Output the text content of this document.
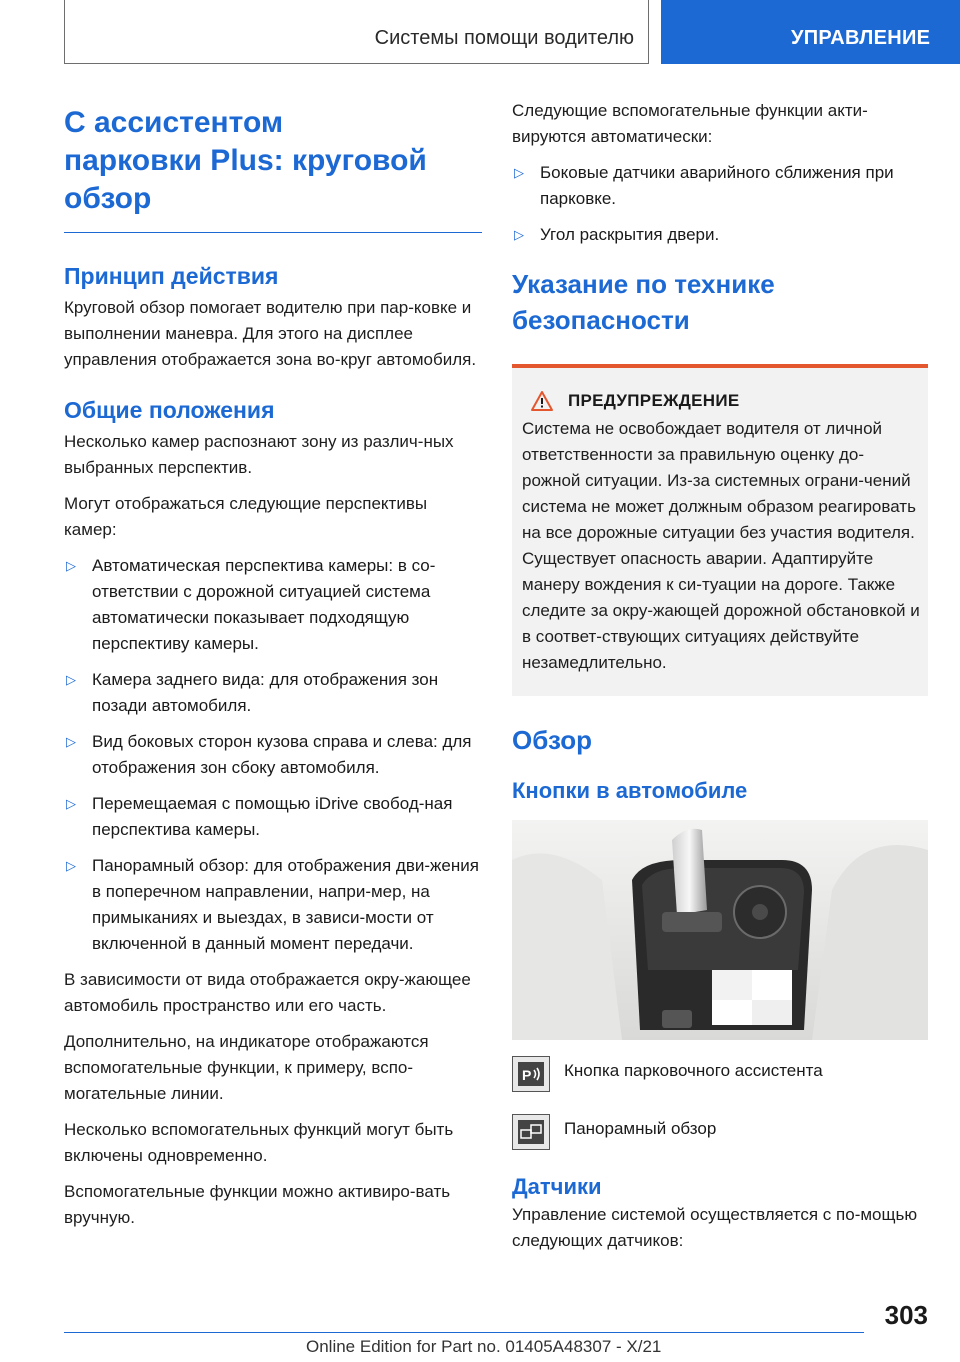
Системы помощи водителю	УПРАВЛЕНИЕ
С ассистентом
парковки Plus: круговой
обзор
Принцип действия

Круговой обзор помогает водителю при пар-ковке и выполнении маневра. Для этого на дисплее управления отображается зона во-круг автомобиля.

Общие положения

Несколько камер распознают зону из различ-ных выбранных перспектив.

Могут отображаться следующие перспективы камер:

▷ Автоматическая перспектива камеры: в со-ответствии с дорожной ситуацией система автоматически показывает подходящую перспективу камеры.
▷ Камера заднего вида: для отображения зон позади автомобиля.
▷ Вид боковых сторон кузова справа и слева: для отображения зон сбоку автомобиля.
▷ Перемещаемая с помощью iDrive свобод-ная перспектива камеры.
▷ Панорамный обзор: для отображения дви-жения в поперечном направлении, напри-мер, на примыканиях и выездах, в зависи-мости от включенной в данный момент передачи.

В зависимости от вида отображается окру-жающее автомобиль пространство или его часть.

Дополнительно, на индикаторе отображаются вспомогательные функции, к примеру, вспо-могательные линии.

Несколько вспомогательных функций могут быть включены одновременно.

Вспомогательные функции можно активиро-вать вручную.

Следующие вспомогательные функции акти-вируются автоматически:

▷ Боковые датчики аварийного сближения при парковке.
▷ Угол раскрытия двери.
Указание по технике безопасности
ПРЕДУПРЕЖДЕНИЕ

Система не освобождает водителя от личной ответственности за правильную оценку до-рожной ситуации. Из-за системных ограни-чений система не может должным образом реагировать на все дорожные ситуации без участия водителя. Существует опасность аварии. Адаптируйте манеру вождения к си-туации на дороге. Также следите за окру-жающей дорожной обстановкой и в соответ-ствующих ситуациях действуйте незамедлительно.

Обзор
Кнопки в автомобиле
P Кнопка парковочного ассистента
Панорамный обзор
Датчики

Управление системой осуществляется с по-мощью следующих датчиков:

303
Online Edition for Part no. 01405A48307 - X/21
